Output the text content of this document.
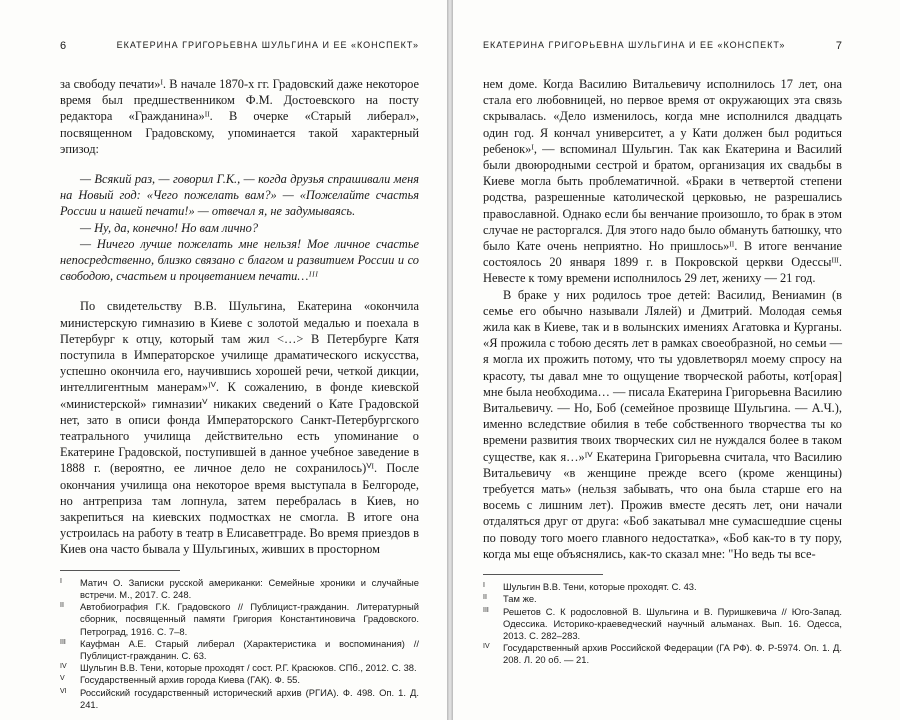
6	ЕКАТЕРИНА ГРИГОРЬЕВНА ШУЛЬГИНА И ЕЕ «КОНСПЕКТ»

за свободу печати»ᴵ. В начале 1870-х гг. Градовский даже некоторое время был предшественником Ф.М. Достоевского на посту редактора «Гражданина»ᴵᴵ. В очерке «Старый либерал», посвященном Градовскому, упоминается такой характерный эпизод:

— Всякий раз, — говорил Г.К., — когда друзья спрашивали меня на Новый год: «Чего пожелать вам?» — «Пожелайте счастья России и нашей печати!» — отвечал я, не задумываясь.

— Ну, да, конечно! Но вам лично?

— Ничего лучше пожелать мне нельзя! Мое личное счастье непосредственно, близко связано с благом и развитием России и со свободою, счастьем и процветанием печати…ᴵᴵᴵ

По свидетельству В.В. Шульгина, Екатерина «окончила министерскую гимназию в Киеве с золотой медалью и поехала в Петербург к отцу, который там жил <…> В Петербурге Катя поступила в Императорское училище драматического искусства, успешно окончила его, научившись хорошей речи, четкой дикции, интеллигентным манерам»ᴵⱽ. К сожалению, в фонде киевской «министерской» гимназииⱽ никаких сведений о Кате Градовской нет, зато в описи фонда Императорского Санкт-Петербургского театрального училища действительно есть упоминание о Екатерине Градовской, поступившей в данное учебное заведение в 1888 г. (вероятно, ее личное дело не сохранилось)ⱽᴵ. После окончания училища она некоторое время выступала в Белгороде, но антреприза там лопнула, затем перебралась в Киев, но закрепиться на киевских подмостках не смогла. В итоге она устроилась на работу в театр в Елисаветграде. Во время приездов в Киев она часто бывала у Шульгиных, живших в просторном

I	Матич О. Записки русской американки: Семейные хроники и случайные встречи. М., 2017. С. 248.
II	Автобиография Г.К. Градовского // Публицист-гражданин. Литературный сборник, посвященный памяти Григория Константиновича Градовского. Петроград, 1916. С. 7–8.
III	Кауфман А.Е. Старый либерал (Характеристика и воспоминания) // Публицист-гражданин. С. 63.
IV	Шульгин В.В. Тени, которые проходят / сост. Р.Г. Красюков. СПб., 2012. С. 38.
V	Государственный архив города Киева (ГАК). Ф. 55.
VI	Российский государственный исторический архив (РГИА). Ф. 498. Оп. 1. Д. 241.
ЕКАТЕРИНА ГРИГОРЬЕВНА ШУЛЬГИНА И ЕЕ «КОНСПЕКТ»	7

нем доме. Когда Василию Витальевичу исполнилось 17 лет, она стала его любовницей, но первое время от окружающих эта связь скрывалась. «Дело изменилось, когда мне исполнился двадцать один год. Я кончал университет, а у Кати должен был родиться ребенок»ᴵ, — вспоминал Шульгин. Так как Екатерина и Василий были двоюродными сестрой и братом, организация их свадьбы в Киеве могла быть проблематичной. «Браки в четвертой степени родства, разрешенные католической церковью, не разрешались православной. Однако если бы венчание произошло, то брак в этом случае не расторгался. Для этого надо было обмануть батюшку, что было Кате очень неприятно. Но пришлось»ᴵᴵ. В итоге венчание состоялось 20 января 1899 г. в Покровской церкви Одессыᴵᴵᴵ. Невесте к тому времени исполнилось 29 лет, жениху — 21 год.

В браке у них родилось трое детей: Василид, Вениамин (в семье его обычно называли Лялей) и Дмитрий. Молодая семья жила как в Киеве, так и в волынских имениях Агатовка и Курганы. «Я прожила с тобою десять лет в рамках своеобразной, но семьи — я могла их прожить потому, что ты удовлетворял моему спросу на красоту, ты давал мне то ощущение творческой работы, кот[орая] мне была необходима… — писала Екатерина Григорьевна Василию Витальевичу. — Но, Боб (семейное прозвище Шульгина. — А.Ч.), именно вследствие обилия в тебе собственного творчества ты ко времени развития твоих творческих сил не нуждался более в таком существе, как я…»ᴵⱽ Екатерина Григорьевна считала, что Василию Витальевичу «в женщине прежде всего (кроме женщины) требуется мать» (нельзя забывать, что она была старше его на восемь с лишним лет). Прожив вместе десять лет, они начали отдаляться друг от друга: «Боб закатывал мне сумасшедшие сцены по поводу того моего главного недостатка», «Боб как-то в ту пору, когда мы еще объяснялись, как-то сказал мне: "Но ведь ты все-

I	Шульгин В.В. Тени, которые проходят. С. 43.
II	Там же.
III	Решетов С. К родословной В. Шульгина и В. Пуришкевича // Юго-Запад. Одессика. Историко-краеведческий научный альманах. Вып. 16. Одесса, 2013. С. 282–283.
IV	Государственный архив Российской Федерации (ГА РФ). Ф. Р-5974. Оп. 1. Д. 208. Л. 20 об. — 21.
